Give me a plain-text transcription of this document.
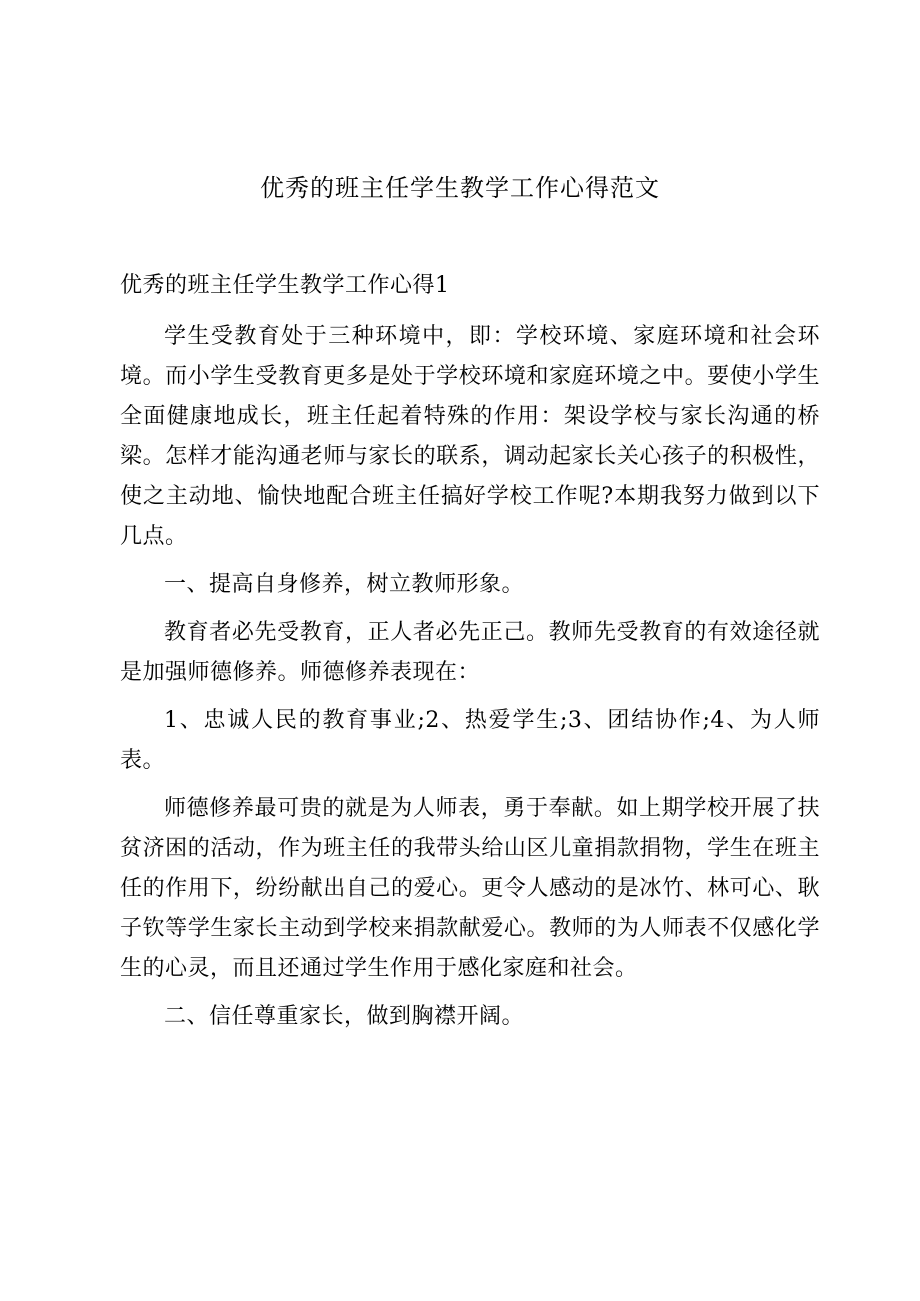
优秀的班主任学生教学工作心得范文
优秀的班主任学生教学工作心得1

学生受教育处于三种环境中，即：学校环境、家庭环境和社会环境。而小学生受教育更多是处于学校环境和家庭环境之中。要使小学生全面健康地成长，班主任起着特殊的作用：架设学校与家长沟通的桥梁。怎样才能沟通老师与家长的联系，调动起家长关心孩子的积极性，使之主动地、愉快地配合班主任搞好学校工作呢?本期我努力做到以下几点。

一、提高自身修养，树立教师形象。

教育者必先受教育，正人者必先正己。教师先受教育的有效途径就是加强师德修养。师德修养表现在：

1、忠诚人民的教育事业;2、热爱学生;3、团结协作;4、为人师表。

师德修养最可贵的就是为人师表，勇于奉献。如上期学校开展了扶贫济困的活动，作为班主任的我带头给山区儿童捐款捐物，学生在班主任的作用下，纷纷献出自己的爱心。更令人感动的是冰竹、林可心、耿子钦等学生家长主动到学校来捐款献爱心。教师的为人师表不仅感化学生的心灵，而且还通过学生作用于感化家庭和社会。

二、信任尊重家长，做到胸襟开阔。
